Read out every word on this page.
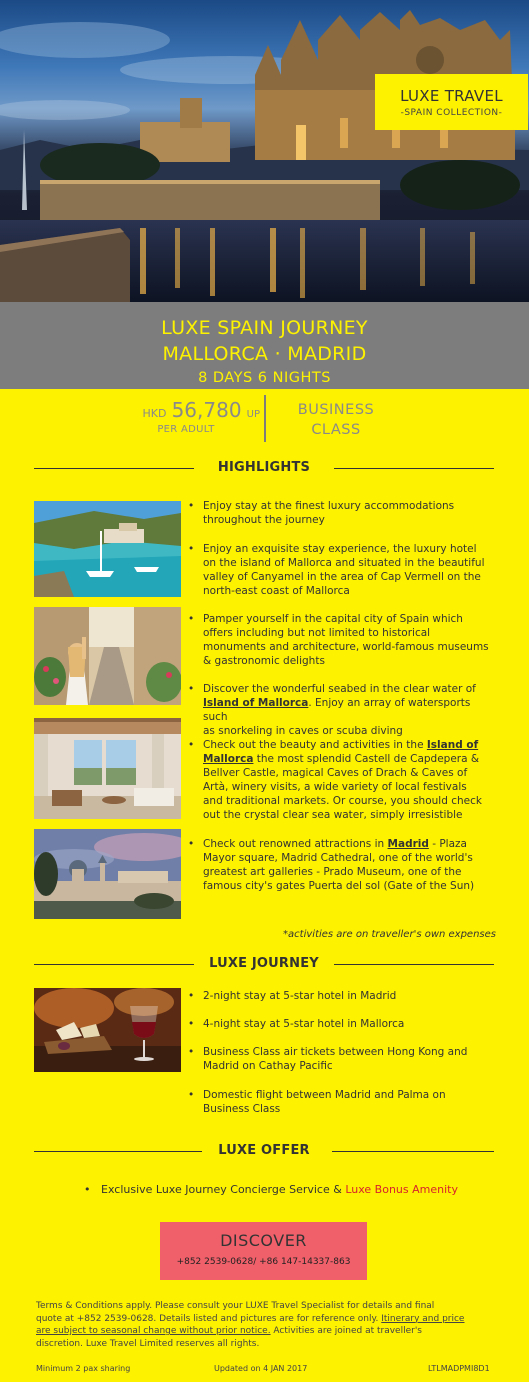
LUXE TRAVEL
-SPAIN COLLECTION-
LUXE SPAIN JOURNEY
MALLORCA · MADRID
8 DAYS 6 NIGHTS
HKD 56,780 UP
PER ADULT
BUSINESS
CLASS
HIGHLIGHTS
• Enjoy stay at the finest luxury accommodations
throughout the journey
• Enjoy an exquisite stay experience, the luxury hotel
on the island of Mallorca and situated in the beautiful
valley of Canyamel in the area of Cap Vermell on the
north-east coast of Mallorca
• Pamper yourself in the capital city of Spain which
offers including but not limited to historical
monuments and architecture, world-famous museums
& gastronomic delights
• Discover the wonderful seabed in the clear water of
Island of Mallorca. Enjoy an array of watersports such
as snorkeling in caves or scuba diving
• Check out the beauty and activities in the Island of
Mallorca the most splendid Castell de Capdepera &
Bellver Castle, magical Caves of Drach & Caves of
Artà, winery visits, a wide variety of local festivals
and traditional markets. Or course, you should check
out the crystal clear sea water, simply irresistible
• Check out renowned attractions in Madrid - Plaza
Mayor square, Madrid Cathedral, one of the world's
greatest art galleries - Prado Museum, one of the
famous city's gates Puerta del sol (Gate of the Sun)
*activities are on traveller's own expenses
LUXE JOURNEY
• 2-night stay at 5-star hotel in Madrid
• 4-night stay at 5-star hotel in Mallorca
• Business Class air tickets between Hong Kong and
Madrid on Cathay Pacific
• Domestic flight between Madrid and Palma on
Business Class
LUXE OFFER
• Exclusive Luxe Journey Concierge Service & Luxe Bonus Amenity
DISCOVER
+852 2539-0628/ +86 147-14337-863
Terms & Conditions apply. Please consult your LUXE Travel Specialist for details and final
quote at +852 2539-0628. Details listed and pictures are for reference only. Itinerary and price
are subject to seasonal change without prior notice. Activities are joined at traveller's
discretion. Luxe Travel Limited reserves all rights.
Minimum 2 pax sharing	Updated on 4 JAN 2017	LTLMADPMI8D1
